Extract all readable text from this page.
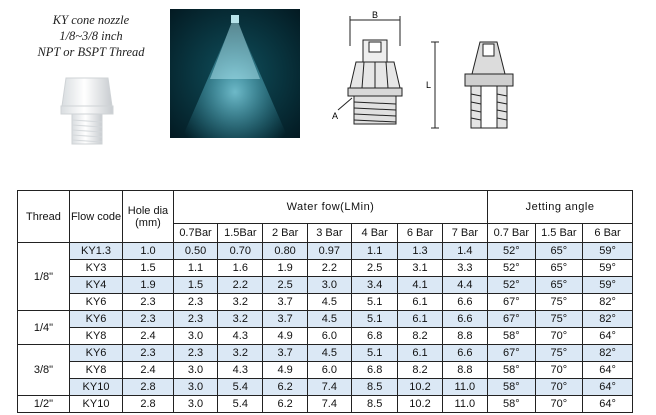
KY cone nozzle
1/8~3/8 inch
NPT or BSPT Thread
B
A
L
Thread	Flow code	Hole dia (mm)	Water fow(LMin)							Jetting angle		
			0.7Bar	1.5Bar	2 Bar	3 Bar	4 Bar	6 Bar	7 Bar	0.7 Bar	1.5 Bar	6 Bar
1/8"	KY1.3	1.0	0.50	0.70	0.80	0.97	1.1	1.3	1.4	52°	65°	59°
	KY3	1.5	1.1	1.6	1.9	2.2	2.5	3.1	3.3	52°	65°	59°
	KY4	1.9	1.5	2.2	2.5	3.0	3.4	4.1	4.4	52°	65°	59°
	KY6	2.3	2.3	3.2	3.7	4.5	5.1	6.1	6.6	67°	75°	82°
1/4"	KY6	2.3	2.3	3.2	3.7	4.5	5.1	6.1	6.6	67°	75°	82°
	KY8	2.4	3.0	4.3	4.9	6.0	6.8	8.2	8.8	58°	70°	64°
3/8"	KY6	2.3	2.3	3.2	3.7	4.5	5.1	6.1	6.6	67°	75°	82°
	KY8	2.4	3.0	4.3	4.9	6.0	6.8	8.2	8.8	58°	70°	64°
	KY10	2.8	3.0	5.4	6.2	7.4	8.5	10.2	11.0	58°	70°	64°
1/2"	KY10	2.8	3.0	5.4	6.2	7.4	8.5	10.2	11.0	58°	70°	64°
